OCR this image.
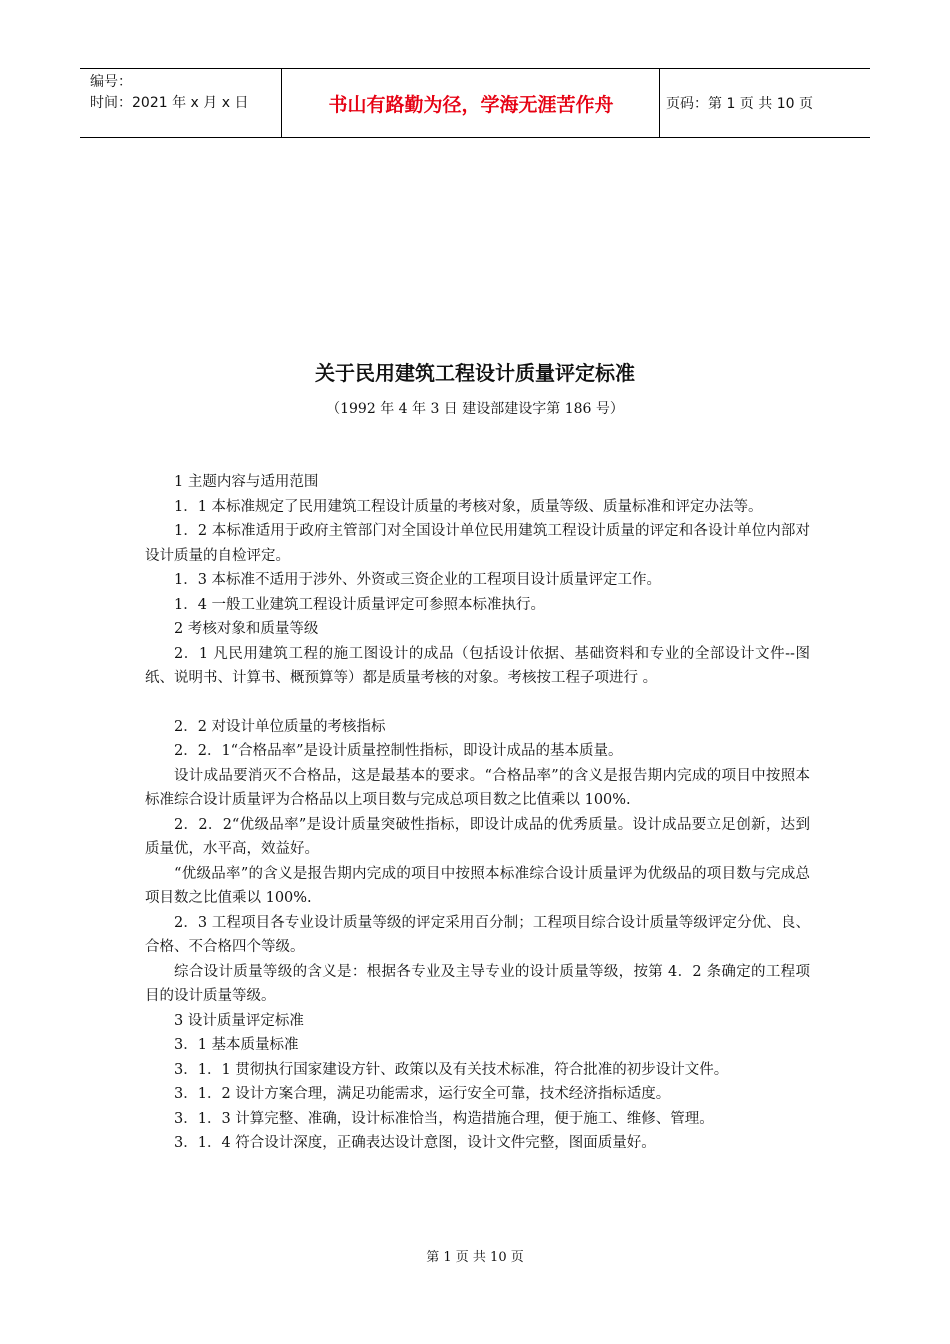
编号：
时间：2021 年 x 月 x 日	书山有路勤为径，学海无涯苦作舟	页码：第 1 页 共 10 页
关于民用建筑工程设计质量评定标准
（1992 年 4 年 3 日 建设部建设字第 186 号）

1 主题内容与适用范围

1．1 本标准规定了民用建筑工程设计质量的考核对象，质量等级、质量标准和评定办法等。

1．2 本标准适用于政府主管部门对全国设计单位民用建筑工程设计质量的评定和各设计单位内部对设计质量的自检评定。

1．3 本标准不适用于涉外、外资或三资企业的工程项目设计质量评定工作。

1．4 一般工业建筑工程设计质量评定可参照本标准执行。

2 考核对象和质量等级

2．1 凡民用建筑工程的施工图设计的成品（包括设计依据、基础资料和专业的全部设计文件--图纸、说明书、计算书、概预算等）都是质量考核的对象。考核按工程子项进行 。

2．2 对设计单位质量的考核指标

2．2．1“合格品率”是设计质量控制性指标，即设计成品的基本质量。

设计成品要消灭不合格品，这是最基本的要求。“合格品率”的含义是报告期内完成的项目中按照本标准综合设计质量评为合格品以上项目数与完成总项目数之比值乘以 100%.

2．2．2“优级品率”是设计质量突破性指标，即设计成品的优秀质量。设计成品要立足创新，达到质量优，水平高，效益好。

“优级品率”的含义是报告期内完成的项目中按照本标准综合设计质量评为优级品的项目数与完成总项目数之比值乘以 100%.

2．3 工程项目各专业设计质量等级的评定采用百分制；工程项目综合设计质量等级评定分优、良、合格、不合格四个等级。

综合设计质量等级的含义是：根据各专业及主导专业的设计质量等级，按第 4．2 条确定的工程项目的设计质量等级。

3 设计质量评定标准

3．1 基本质量标准

3．1．1 贯彻执行国家建设方针、政策以及有关技术标准，符合批准的初步设计文件。

3．1．2 设计方案合理，满足功能需求，运行安全可靠，技术经济指标适度。

3．1．3 计算完整、准确，设计标准恰当，构造措施合理，便于施工、维修、管理。

3．1．4 符合设计深度，正确表达设计意图，设计文件完整，图面质量好。

第 1 页 共 10 页
